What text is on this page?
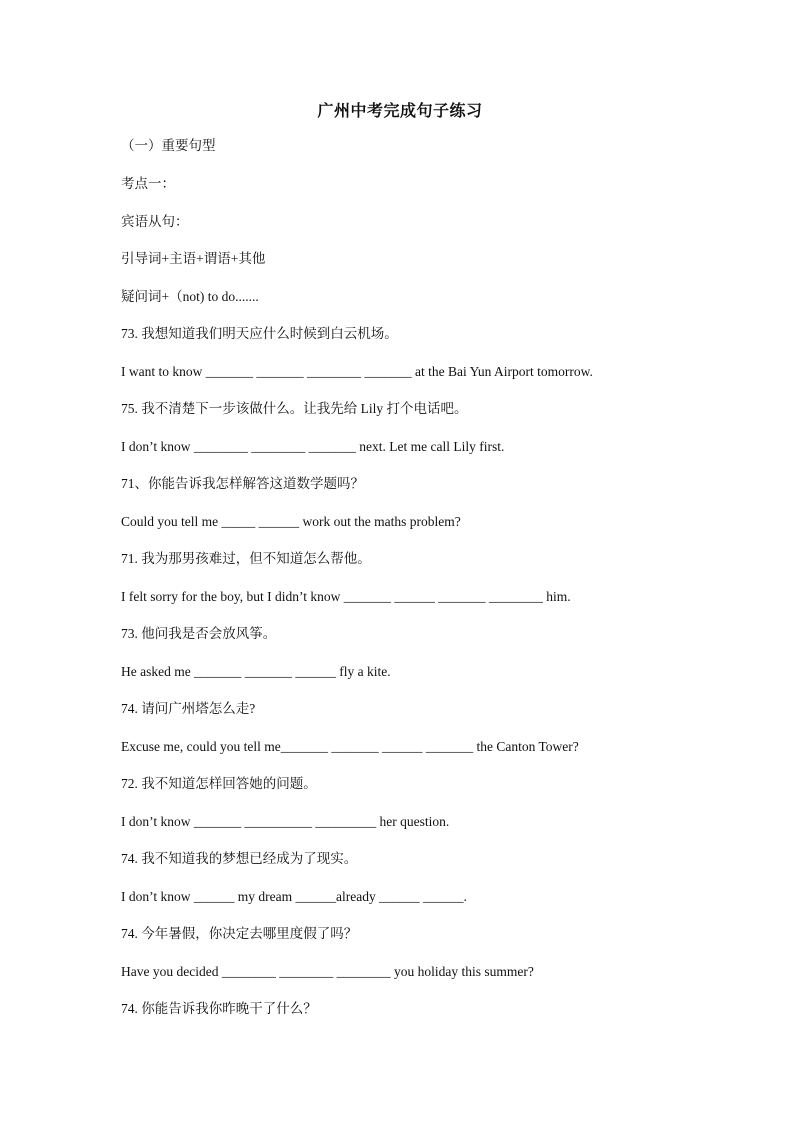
广州中考完成句子练习
（一）重要句型
考点一：
宾语从句：
引导词+主语+谓语+其他
疑问词+（not) to do.......
73. 我想知道我们明天应什么时候到白云机场。
I want to know _______ _______ ________ _______ at the Bai Yun Airport tomorrow.
75. 我不清楚下一步该做什么。让我先给 Lily 打个电话吧。
I don’t know ________ ________ _______ next. Let me call Lily first.
71、你能告诉我怎样解答这道数学题吗？
Could you tell me _____ ______ work out the maths problem?
71. 我为那男孩难过，但不知道怎么帮他。
I felt sorry for the boy, but I didn’t know _______ ______ _______ ________ him.
73. 他问我是否会放风筝。
He asked me _______ _______ ______ fly a kite.
74. 请问广州塔怎么走?
Excuse me, could you tell me_______ _______ ______ _______ the Canton Tower?
72. 我不知道怎样回答她的问题。
I don’t know _______ __________ _________ her question.
74. 我不知道我的梦想已经成为了现实。
I don’t know ______ my dream ______already ______ ______.
74. 今年暑假，你决定去哪里度假了吗？
Have you decided ________ ________ ________ you holiday this summer?
74. 你能告诉我你昨晚干了什么？
